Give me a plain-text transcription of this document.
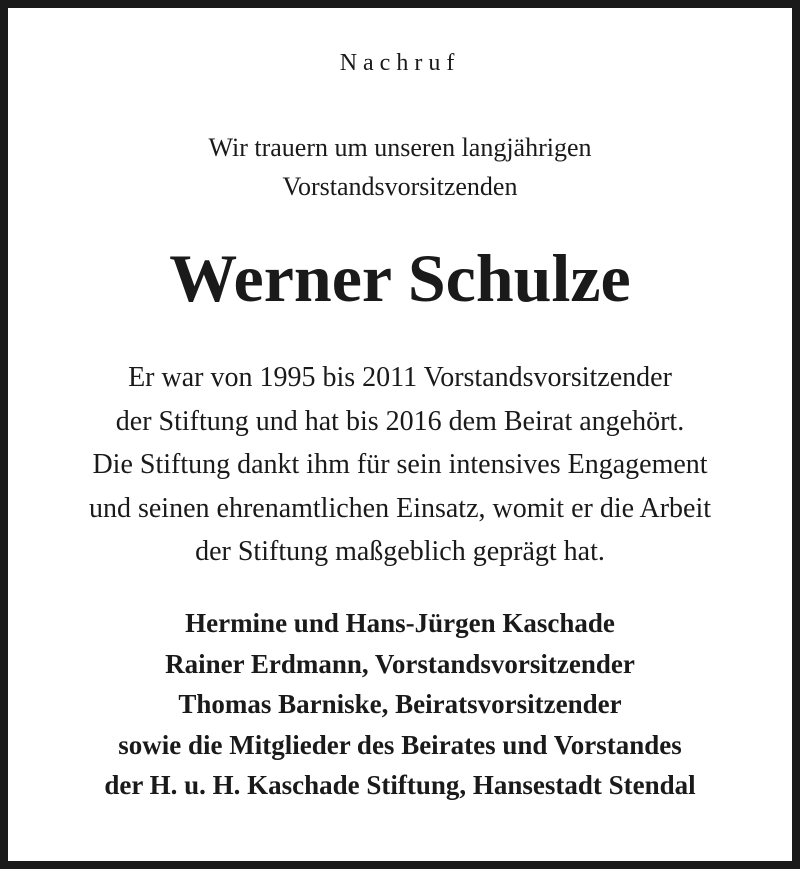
Nachruf
Wir trauern um unseren langjährigen
Vorstandsvorsitzenden
Werner Schulze
Er war von 1995 bis 2011 Vorstandsvorsitzender
der Stiftung und hat bis 2016 dem Beirat angehört.
Die Stiftung dankt ihm für sein intensives Engagement
und seinen ehrenamtlichen Einsatz, womit er die Arbeit
der Stiftung maßgeblich geprägt hat.
Hermine und Hans-Jürgen Kaschade
Rainer Erdmann, Vorstandsvorsitzender
Thomas Barniske, Beiratsvorsitzender
sowie die Mitglieder des Beirates und Vorstandes
der H. u. H. Kaschade Stiftung, Hansestadt Stendal
